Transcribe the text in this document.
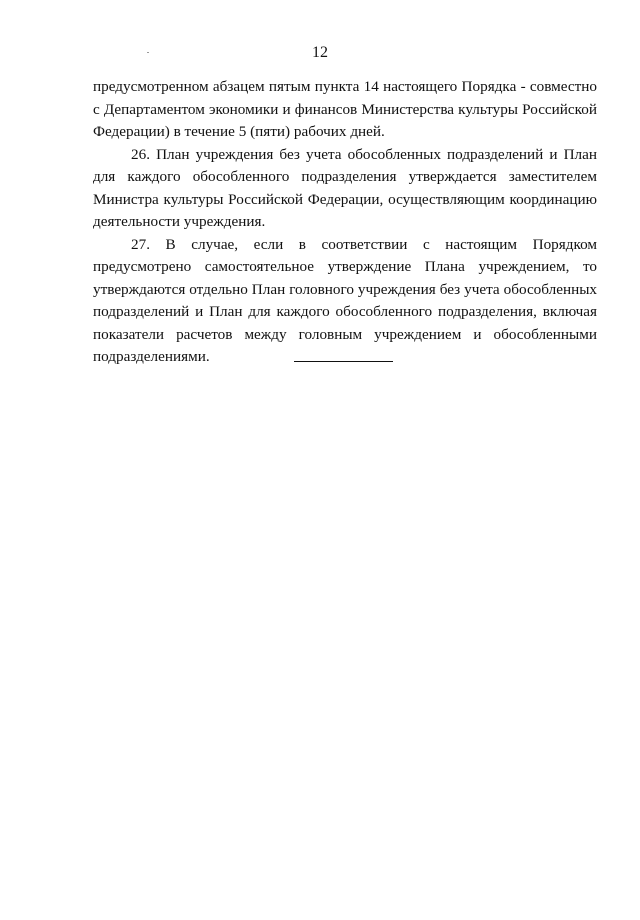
12

предусмотренном абзацем пятым пункта 14 настоящего Порядка - совместно с Департаментом экономики и финансов Министерства культуры Российской Федерации) в течение 5 (пяти) рабочих дней.

26. План учреждения без учета обособленных подразделений и План для каждого обособленного подразделения утверждается заместителем Министра культуры Российской Федерации, осуществляющим координацию деятельности учреждения.

27. В случае, если в соответствии с настоящим Порядком предусмотрено самостоятельное утверждение Плана учреждением, то утверждаются отдельно План головного учреждения без учета обособленных подразделений и План для каждого обособленного подразделения, включая показатели расчетов между головным учреждением и обособленными подразделениями.
